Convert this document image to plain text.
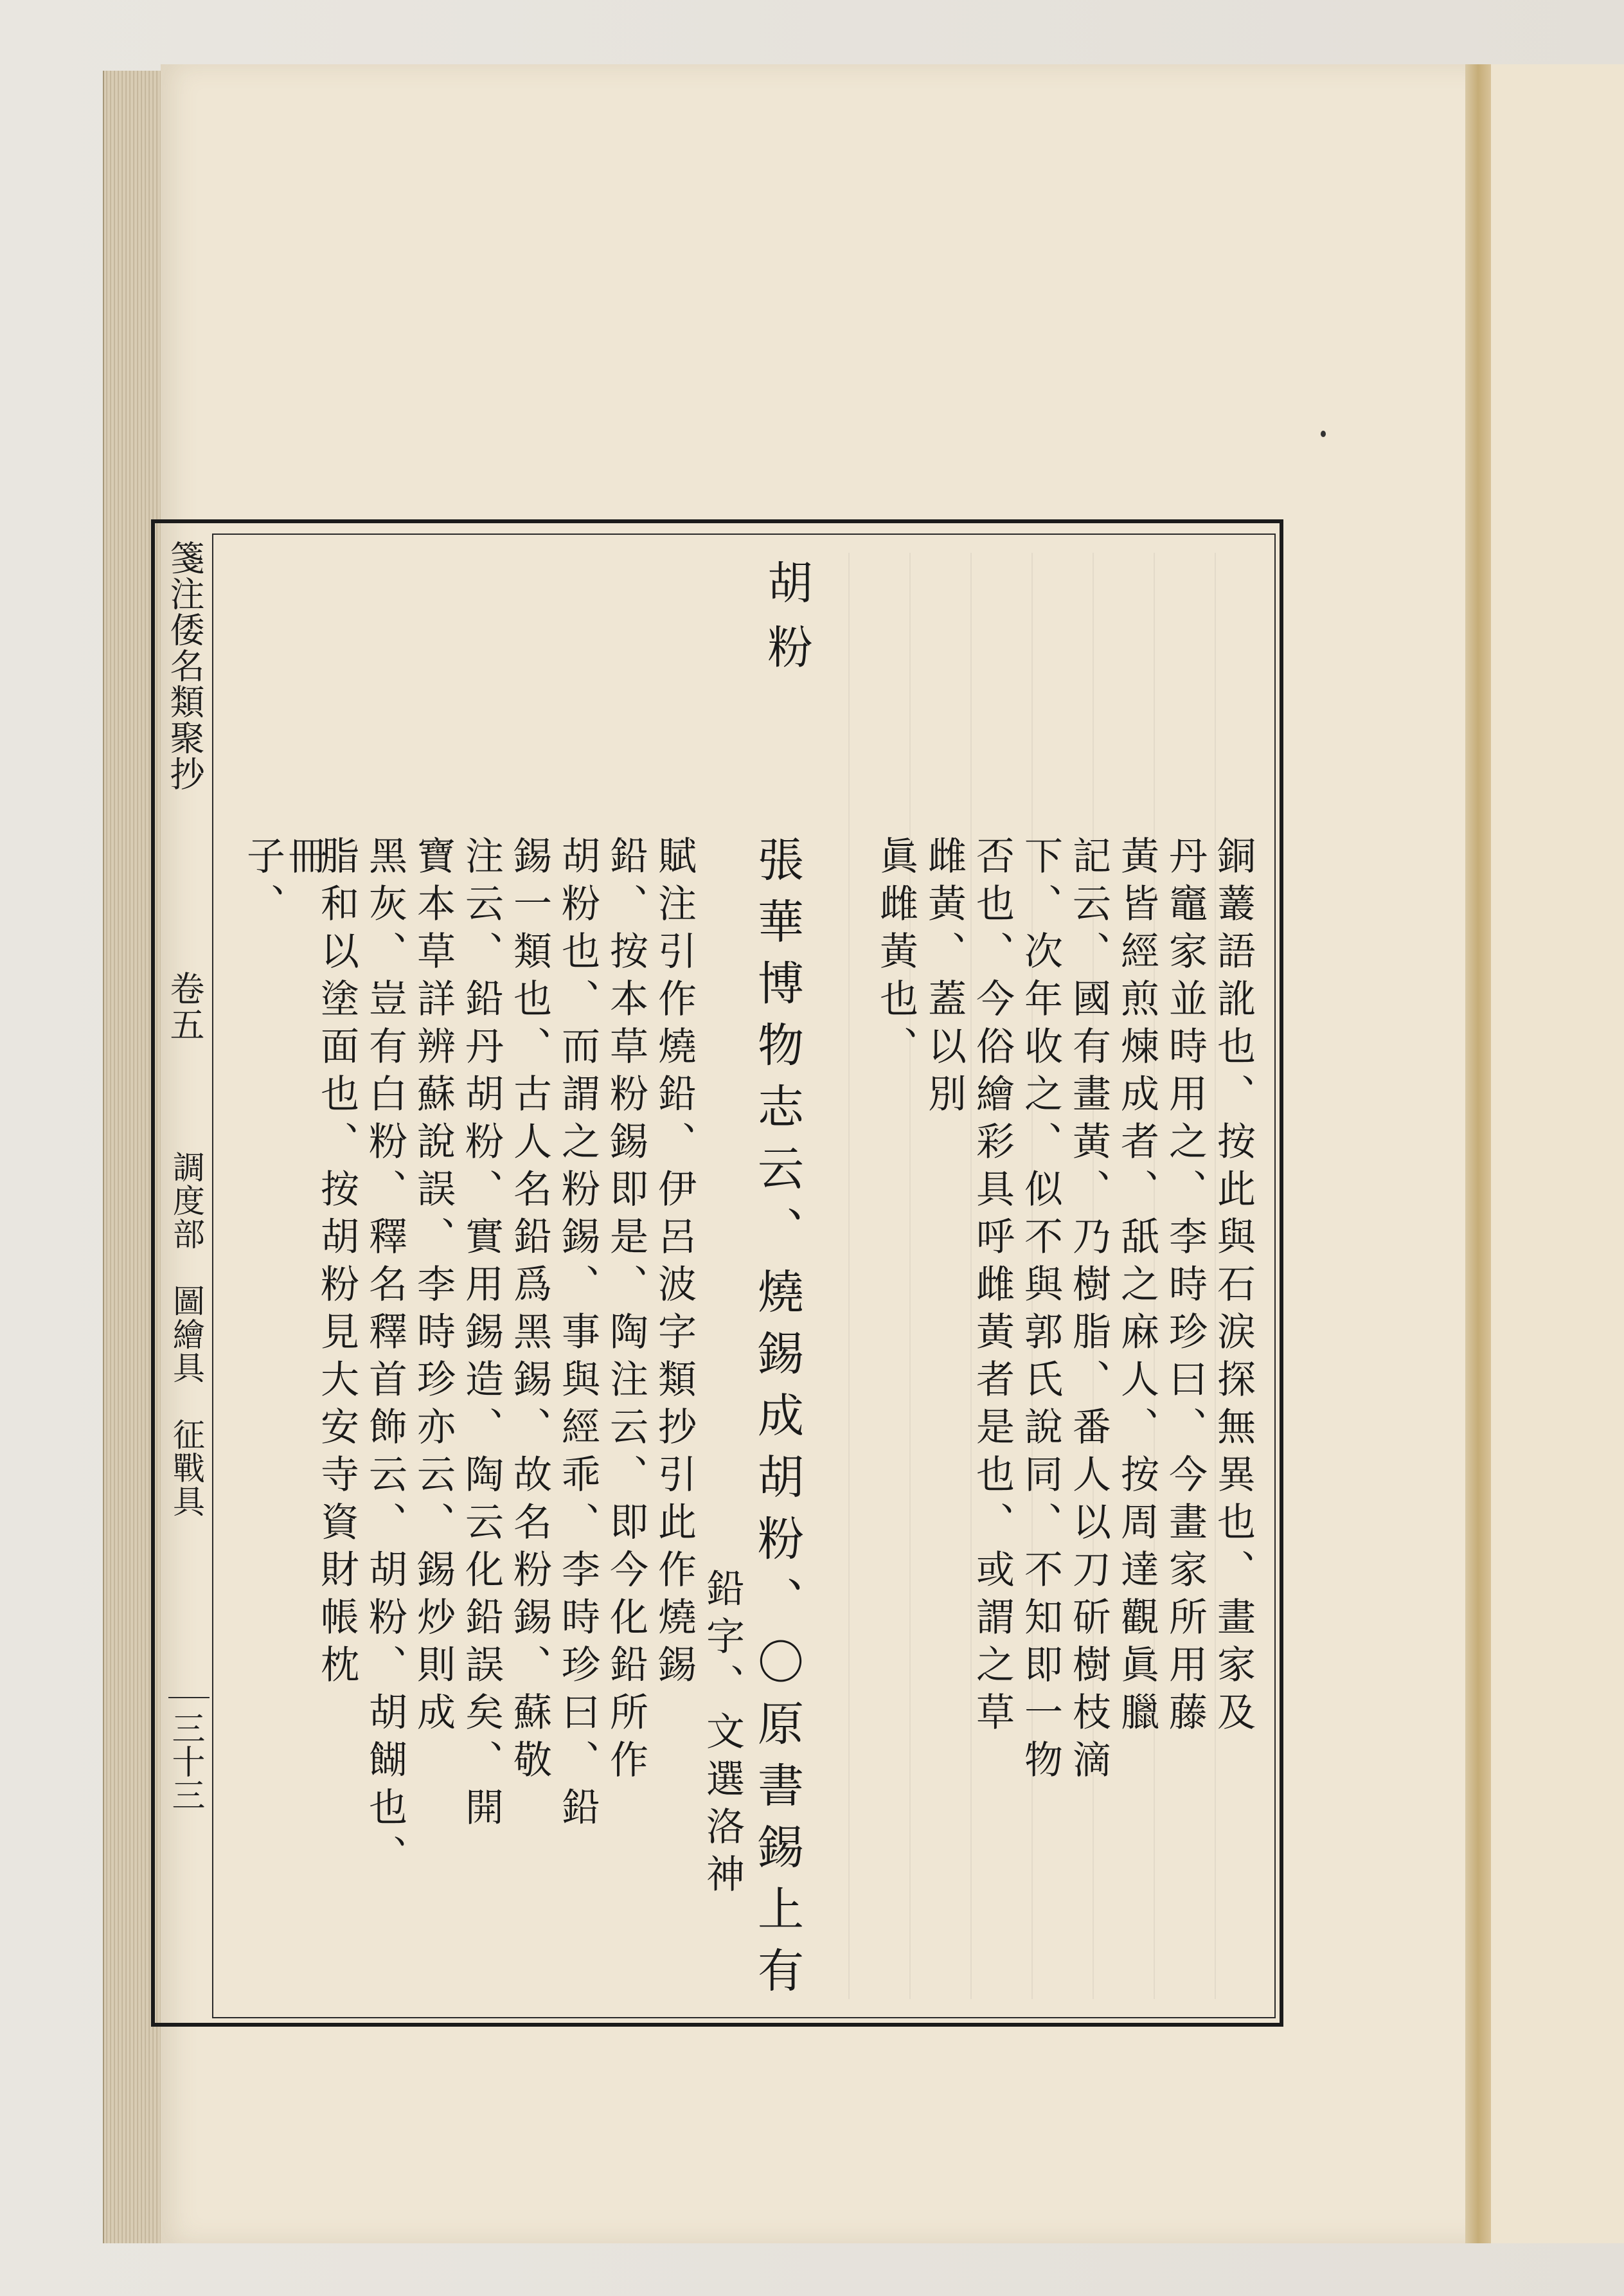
箋注倭名類聚抄
卷五
調度部　圖繪具　征戰具
三十三
胡粉
銅䕺語訛也、按此與石涙探無異也、畫家及
丹竈家並時用之、李時珍曰、今畫家所用藤
黃皆經煎煉成者、舐之麻人、按周達觀眞臘
記云、國有畫黃、乃樹脂、番人以刀斫樹枝滴
下、次年收之、似不與郭氏說同、不知即一物
否也、今俗繪彩具呼雌黃者是也、或謂之草
雌黃、蓋以別
眞雌黃也、
張華博物志云、燒錫成胡粉、〇原書錫上有
鉛字、文選洛神
賦注引作燒鉛、伊呂波字類抄引此作燒錫
鉛、按本草粉錫即是、陶注云、即今化鉛所作
胡粉也、而謂之粉錫、事與經乖、李時珍曰、鉛
錫一類也、古人名鉛爲黑錫、故名粉錫、蘇敬
注云、鉛丹胡粉、實用錫造、陶云化鉛誤矣、開
寶本草詳辨蘇說誤、李時珍亦云、錫炒則成
黑灰、豈有白粉、釋名釋首飾云、胡粉、胡餬也、
脂和以塗面也、按胡粉見大安寺資財帳枕
子、
冊
